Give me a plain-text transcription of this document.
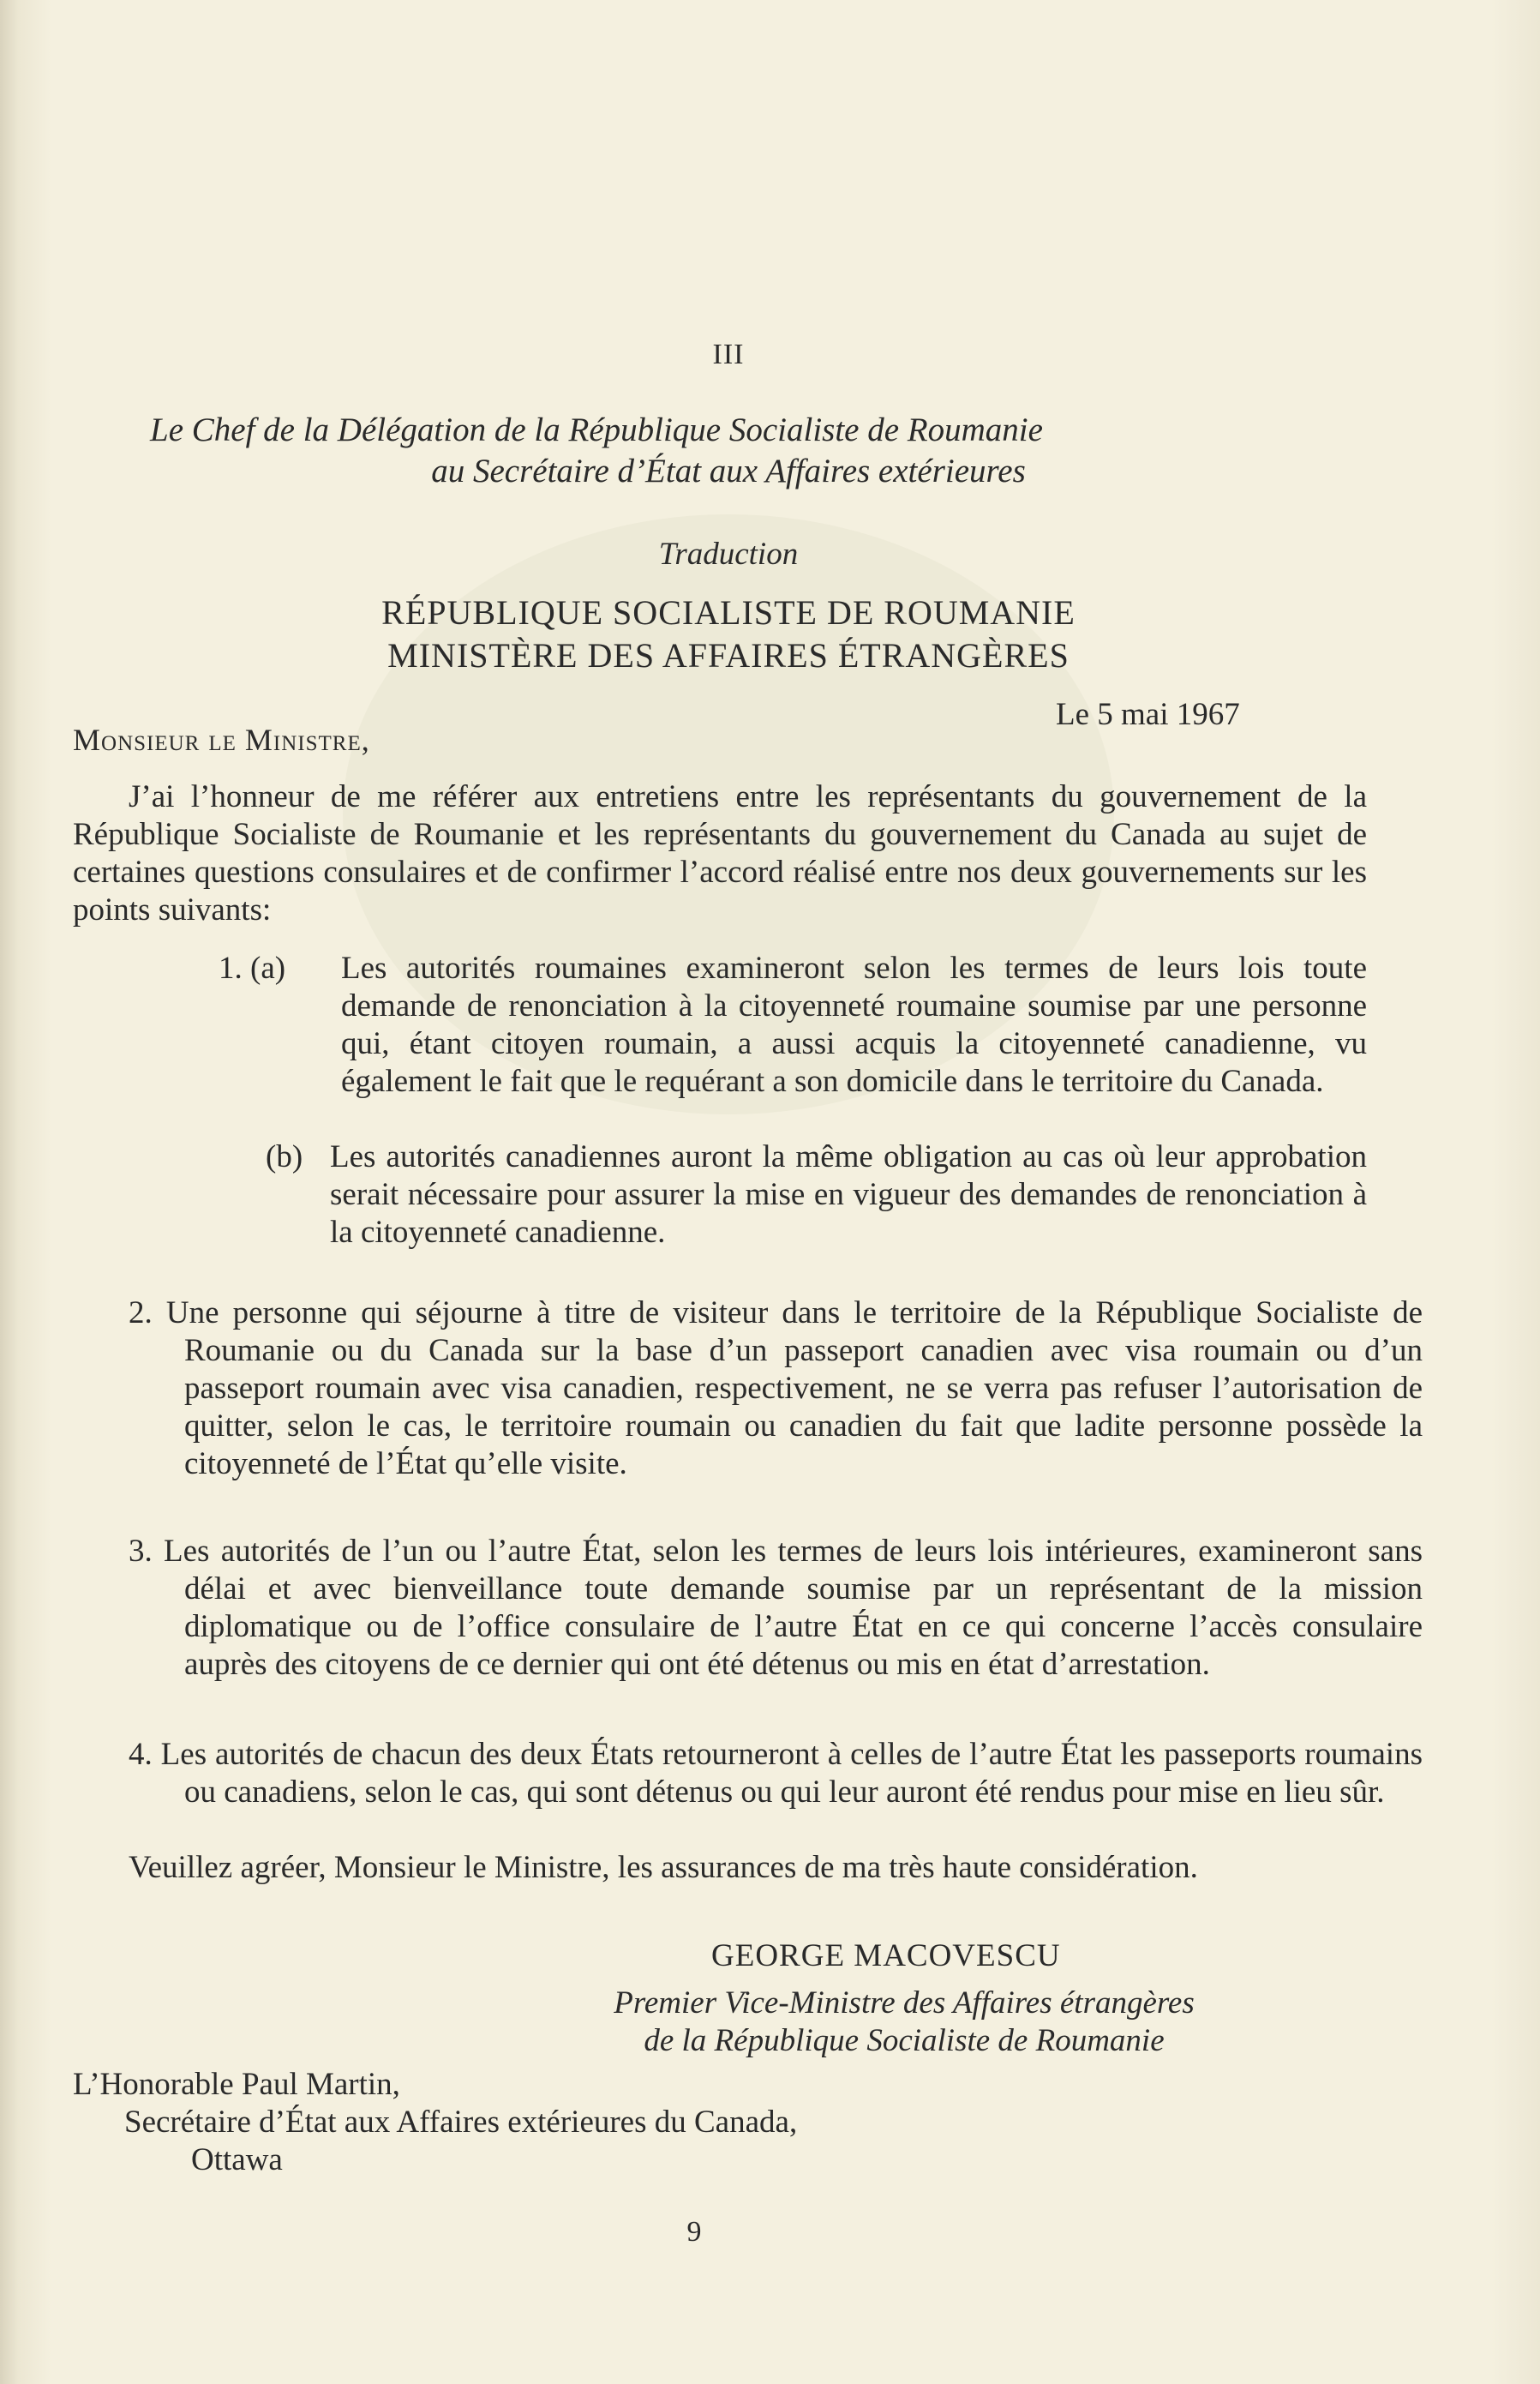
III
Le Chef de la Délégation de la République Socialiste de Roumanie
au Secrétaire d’État aux Affaires extérieures
Traduction
RÉPUBLIQUE SOCIALISTE DE ROUMANIE
MINISTÈRE DES AFFAIRES ÉTRANGÈRES
Le 5 mai 1967
Monsieur le Ministre,
J’ai l’honneur de me référer aux entretiens entre les représentants du gouvernement de la République Socialiste de Roumanie et les représentants du gouvernement du Canada au sujet de certaines questions consulaires et de confirmer l’accord réalisé entre nos deux gouvernements sur les points suivants:
1. (a) Les autorités roumaines examineront selon les termes de leurs lois toute demande de renonciation à la citoyenneté roumaine soumise par une personne qui, étant citoyen roumain, a aussi acquis la citoyenneté canadienne, vu également le fait que le requérant a son domicile dans le territoire du Canada.
(b) Les autorités canadiennes auront la même obligation au cas où leur approbation serait nécessaire pour assurer la mise en vigueur des demandes de renonciation à la citoyenneté canadienne.
2. Une personne qui séjourne à titre de visiteur dans le territoire de la République Socialiste de Roumanie ou du Canada sur la base d’un passeport canadien avec visa roumain ou d’un passeport roumain avec visa canadien, respectivement, ne se verra pas refuser l’autorisation de quitter, selon le cas, le territoire roumain ou canadien du fait que ladite personne possède la citoyenneté de l’État qu’elle visite.
3. Les autorités de l’un ou l’autre État, selon les termes de leurs lois intérieures, examineront sans délai et avec bienveillance toute demande soumise par un représentant de la mission diplomatique ou de l’office consulaire de l’autre État en ce qui concerne l’accès consulaire auprès des citoyens de ce dernier qui ont été détenus ou mis en état d’arrestation.
4. Les autorités de chacun des deux États retourneront à celles de l’autre État les passeports roumains ou canadiens, selon le cas, qui sont détenus ou qui leur auront été rendus pour mise en lieu sûr.
Veuillez agréer, Monsieur le Ministre, les assurances de ma très haute considération.
GEORGE MACOVESCU
Premier Vice-Ministre des Affaires étrangères
de la République Socialiste de Roumanie
L’Honorable Paul Martin,
Secrétaire d’État aux Affaires extérieures du Canada,
Ottawa
9
